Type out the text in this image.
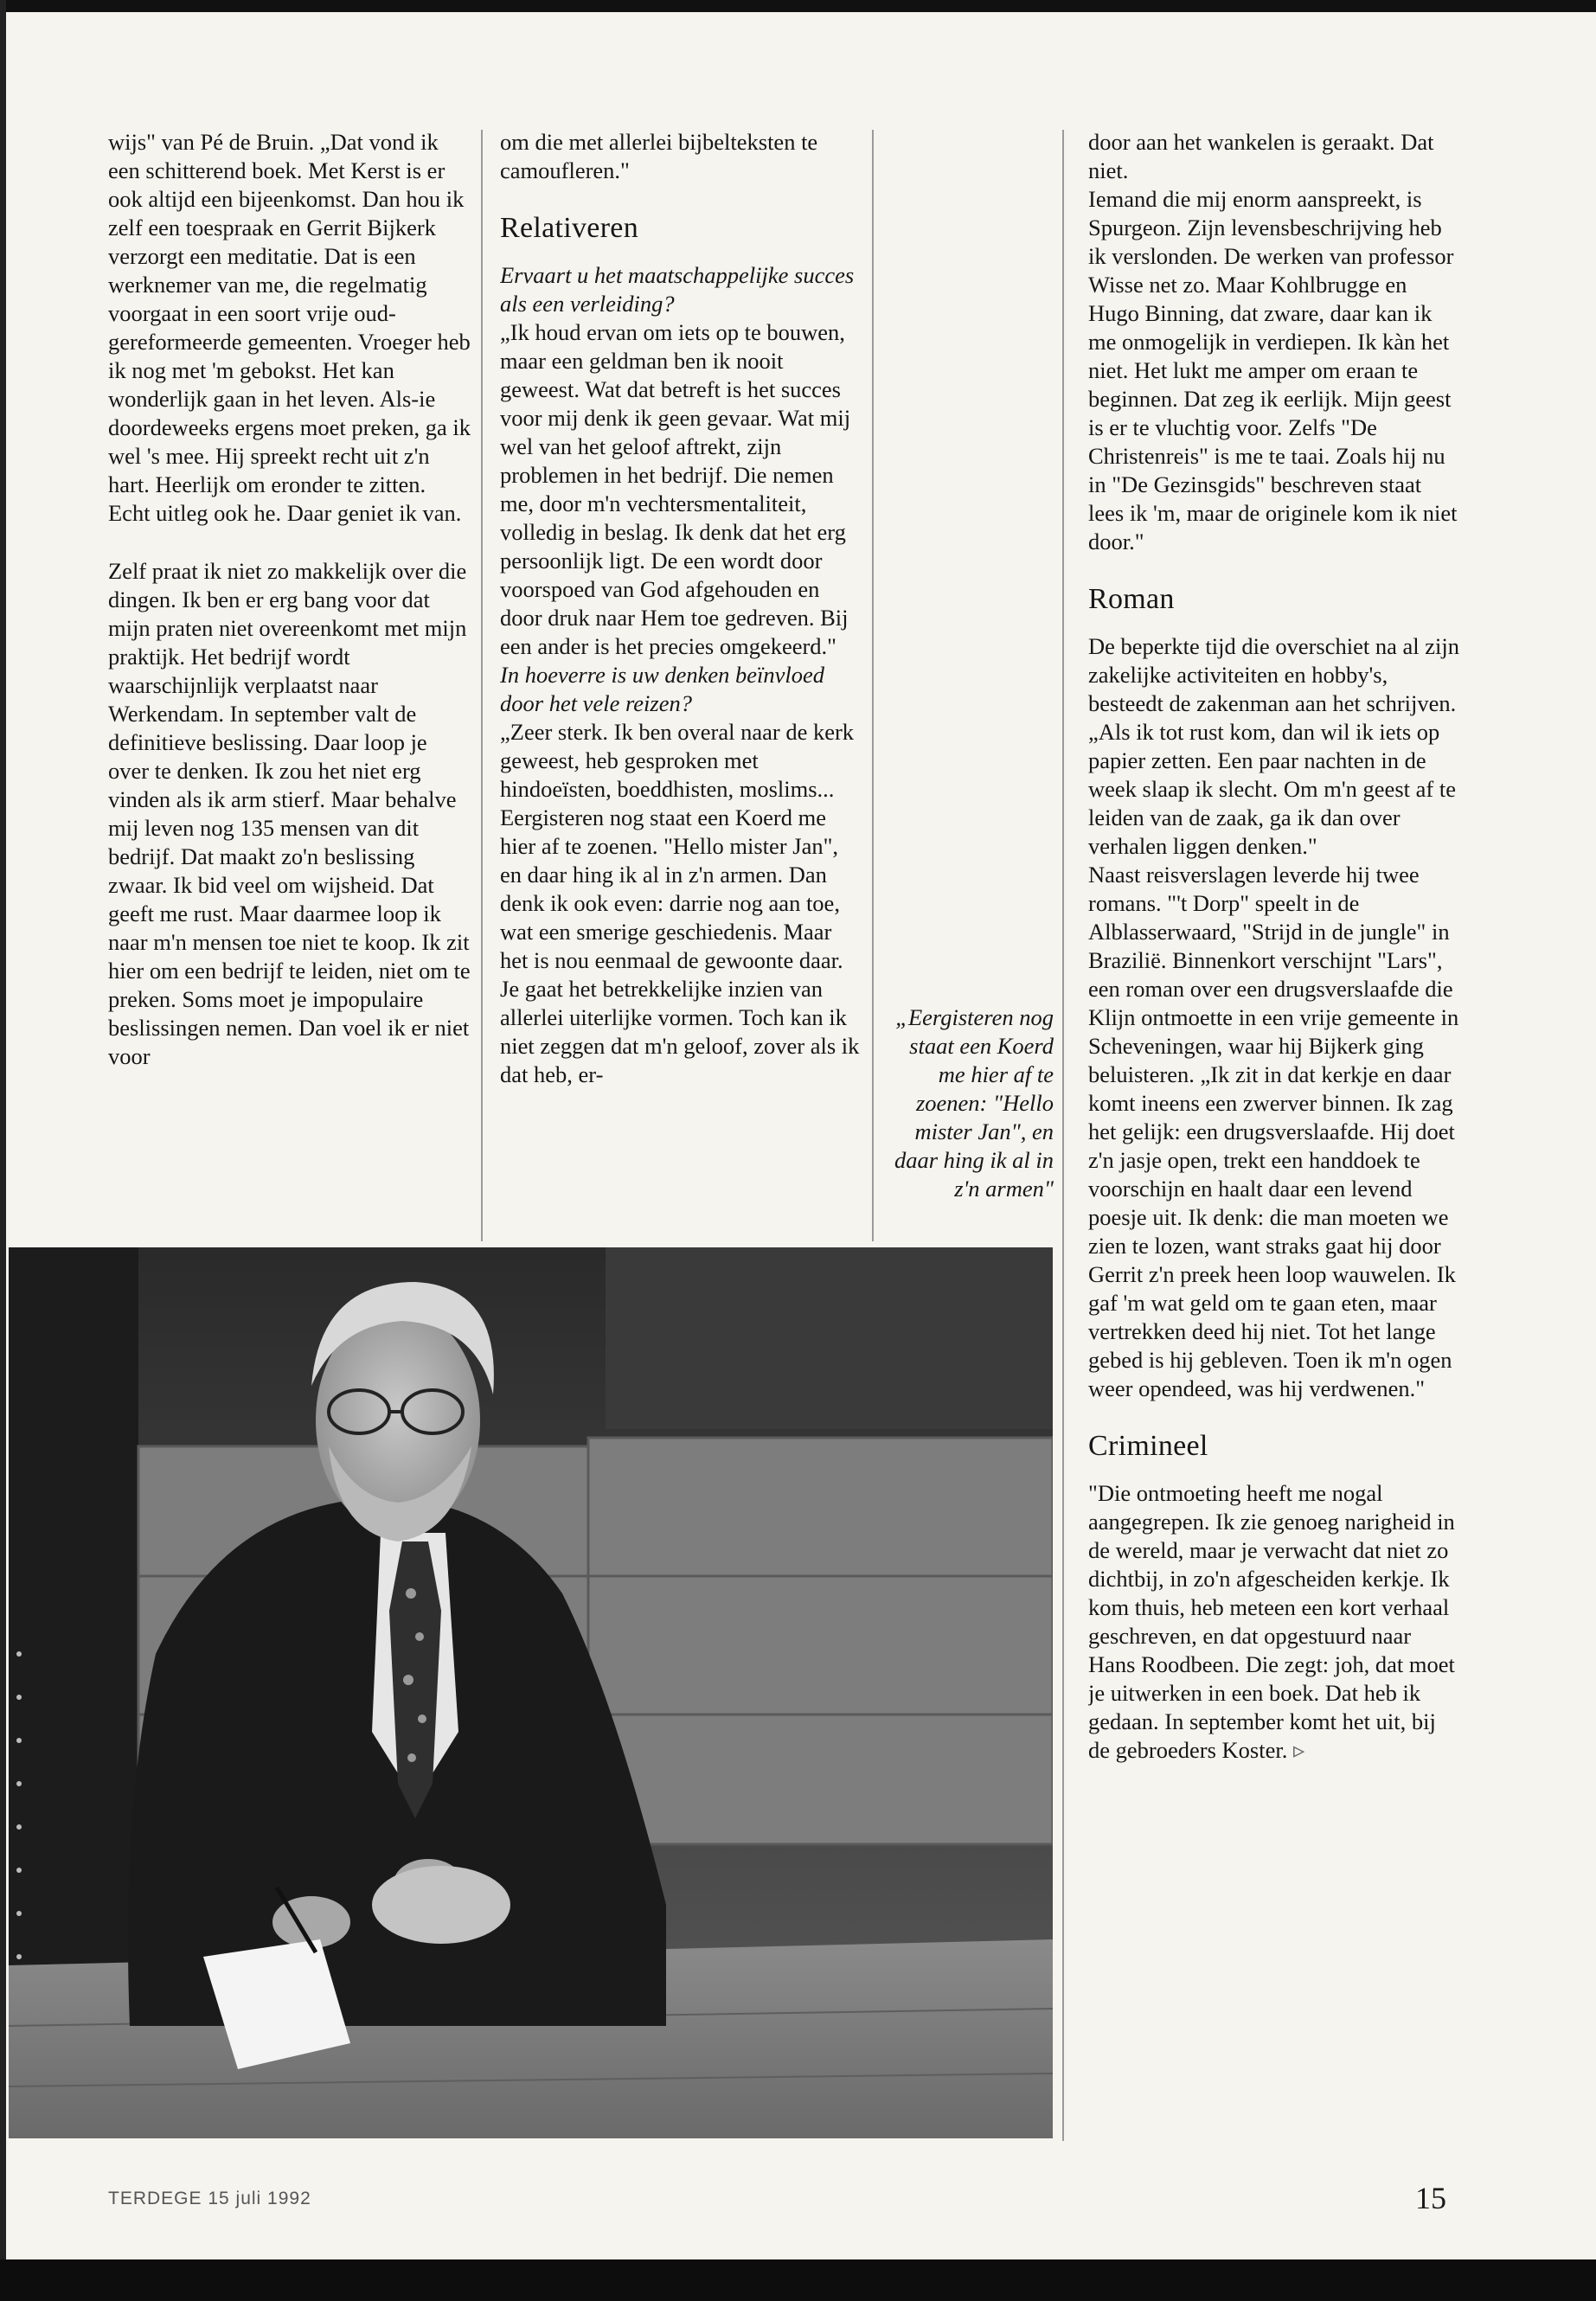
wijs" van Pé de Bruin. „Dat vond ik een schitterend boek. Met Kerst is er ook altijd een bijeenkomst. Dan hou ik zelf een toespraak en Gerrit Bijkerk verzorgt een meditatie. Dat is een werknemer van me, die regelmatig voorgaat in een soort vrije oud-gereformeerde gemeenten. Vroeger heb ik nog met 'm gebokst. Het kan wonderlijk gaan in het leven. Als-ie doordeweeks ergens moet preken, ga ik wel 's mee. Hij spreekt recht uit z'n hart. Heerlijk om eronder te zitten. Echt uitleg ook he. Daar geniet ik van.

Zelf praat ik niet zo makkelijk over die dingen. Ik ben er erg bang voor dat mijn praten niet overeenkomt met mijn praktijk. Het bedrijf wordt waarschijnlijk verplaatst naar Werkendam. In september valt de definitieve beslissing. Daar loop je over te denken. Ik zou het niet erg vinden als ik arm stierf. Maar behalve mij leven nog 135 mensen van dit bedrijf. Dat maakt zo'n beslissing zwaar. Ik bid veel om wijsheid. Dat geeft me rust. Maar daarmee loop ik naar m'n mensen toe niet te koop. Ik zit hier om een bedrijf te leiden, niet om te preken. Soms moet je impopulaire beslissingen nemen. Dan voel ik er niet voor

om die met allerlei bijbelteksten te camoufleren."

Relativeren

Ervaart u het maatschappelijke succes als een verleiding?

„Ik houd ervan om iets op te bouwen, maar een geldman ben ik nooit geweest. Wat dat betreft is het succes voor mij denk ik geen gevaar. Wat mij wel van het geloof aftrekt, zijn problemen in het bedrijf. Die nemen me, door m'n vechtersmentaliteit, volledig in beslag. Ik denk dat het erg persoonlijk ligt. De een wordt door voorspoed van God afgehouden en door druk naar Hem toe gedreven. Bij een ander is het precies omgekeerd."

In hoeverre is uw denken beïnvloed door het vele reizen?

„Zeer sterk. Ik ben overal naar de kerk geweest, heb gesproken met hindoeïsten, boeddhisten, moslims... Eergisteren nog staat een Koerd me hier af te zoenen. "Hello mister Jan", en daar hing ik al in z'n armen. Dan denk ik ook even: darrie nog aan toe, wat een smerige geschiedenis. Maar het is nou eenmaal de gewoonte daar. Je gaat het betrekkelijke inzien van allerlei uiterlijke vormen. Toch kan ik niet zeggen dat m'n geloof, zover als ik dat heb, er-

„Eergisteren nog staat een Koerd me hier af te zoenen: "Hello mister Jan", en daar hing ik al in z'n armen"

door aan het wankelen is geraakt. Dat niet.

Iemand die mij enorm aanspreekt, is Spurgeon. Zijn levensbeschrijving heb ik verslonden. De werken van professor Wisse net zo. Maar Kohlbrugge en Hugo Binning, dat zware, daar kan ik me onmogelijk in verdiepen. Ik kàn het niet. Het lukt me amper om eraan te beginnen. Dat zeg ik eerlijk. Mijn geest is er te vluchtig voor. Zelfs "De Christenreis" is me te taai. Zoals hij nu in "De Gezinsgids" beschreven staat lees ik 'm, maar de originele kom ik niet door."

Roman

De beperkte tijd die overschiet na al zijn zakelijke activiteiten en hobby's, besteedt de zakenman aan het schrijven. „Als ik tot rust kom, dan wil ik iets op papier zetten. Een paar nachten in de week slaap ik slecht. Om m'n geest af te leiden van de zaak, ga ik dan over verhalen liggen denken."

Naast reisverslagen leverde hij twee romans. "'t Dorp" speelt in de Alblasserwaard, "Strijd in de jungle" in Brazilië. Binnenkort verschijnt "Lars", een roman over een drugsverslaafde die Klijn ontmoette in een vrije gemeente in Scheveningen, waar hij Bijkerk ging beluisteren. „Ik zit in dat kerkje en daar komt ineens een zwerver binnen. Ik zag het gelijk: een drugsverslaafde. Hij doet z'n jasje open, trekt een handdoek te voorschijn en haalt daar een levend poesje uit. Ik denk: die man moeten we zien te lozen, want straks gaat hij door Gerrit z'n preek heen loop wauwelen. Ik gaf 'm wat geld om te gaan eten, maar vertrekken deed hij niet. Tot het lange gebed is hij gebleven. Toen ik m'n ogen weer opendeed, was hij verdwenen."

Crimineel

"Die ontmoeting heeft me nogal aangegrepen. Ik zie genoeg narigheid in de wereld, maar je verwacht dat niet zo dichtbij, in zo'n afgescheiden kerkje. Ik kom thuis, heb meteen een kort verhaal geschreven, en dat opgestuurd naar Hans Roodbeen. Die zegt: joh, dat moet je uitwerken in een boek. Dat heb ik gedaan. In september komt het uit, bij de gebroeders Koster. ▹

TERDEGE 15 juli 1992	15
